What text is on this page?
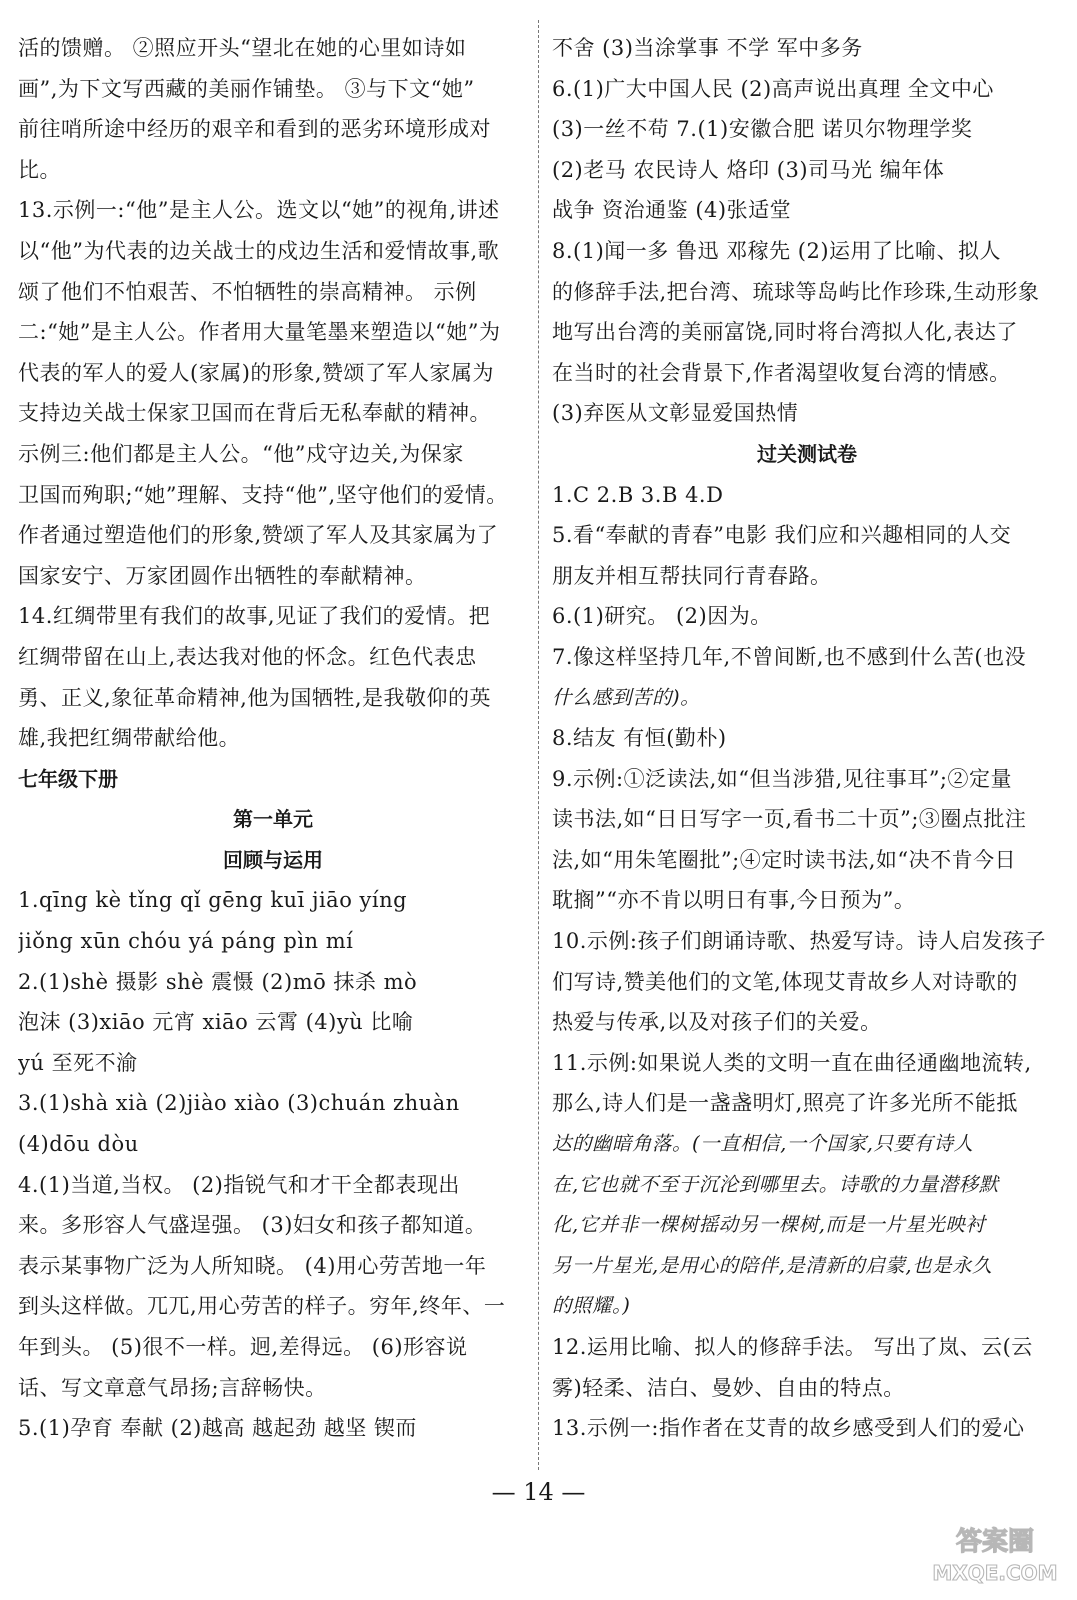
活的馈赠。 ②照应开头“望北在她的心里如诗如
画”,为下文写西藏的美丽作铺垫。 ③与下文“她”
前往哨所途中经历的艰辛和看到的恶劣环境形成对
比。
13.示例一:“他”是主人公。选文以“她”的视角,讲述
以“他”为代表的边关战士的戍边生活和爱情故事,歌
颂了他们不怕艰苦、不怕牺牲的崇高精神。 示例
二:“她”是主人公。作者用大量笔墨来塑造以“她”为
代表的军人的爱人(家属)的形象,赞颂了军人家属为
支持边关战士保家卫国而在背后无私奉献的精神。
示例三:他们都是主人公。“他”戍守边关,为保家
卫国而殉职;“她”理解、支持“他”,坚守他们的爱情。
作者通过塑造他们的形象,赞颂了军人及其家属为了
国家安宁、万家团圆作出牺牲的奉献精神。
14.红绸带里有我们的故事,见证了我们的爱情。把
红绸带留在山上,表达我对他的怀念。红色代表忠
勇、正义,象征革命精神,他为国牺牲,是我敬仰的英
雄,我把红绸带献给他。
七年级下册
第一单元
回顾与运用
1.qīng kè tǐng qǐ gēng kuī jiāo yíng
jiǒng xūn chóu yá páng pìn mí
2.(1)shè 摄影 shè 震慑 (2)mō 抹杀 mò
泡沫 (3)xiāo 元宵 xiāo 云霄 (4)yù 比喻
yú 至死不渝
3.(1)shà xià (2)jiào xiào (3)chuán zhuàn
(4)dōu dòu
4.(1)当道,当权。 (2)指锐气和才干全都表现出
来。多形容人气盛逞强。 (3)妇女和孩子都知道。
表示某事物广泛为人所知晓。 (4)用心劳苦地一年
到头这样做。兀兀,用心劳苦的样子。穷年,终年、一
年到头。 (5)很不一样。迥,差得远。 (6)形容说
话、写文章意气昂扬;言辞畅快。
5.(1)孕育 奉献 (2)越高 越起劲 越坚 锲而
不舍 (3)当涂掌事 不学 军中多务
6.(1)广大中国人民 (2)高声说出真理 全文中心
(3)一丝不苟 7.(1)安徽合肥 诺贝尔物理学奖
(2)老马 农民诗人 烙印 (3)司马光 编年体
战争 资治通鉴 (4)张适堂
8.(1)闻一多 鲁迅 邓稼先 (2)运用了比喻、拟人
的修辞手法,把台湾、琉球等岛屿比作珍珠,生动形象
地写出台湾的美丽富饶,同时将台湾拟人化,表达了
在当时的社会背景下,作者渴望收复台湾的情感。
(3)弃医从文彰显爱国热情
过关测试卷
1.C 2.B 3.B 4.D
5.看“奉献的青春”电影 我们应和兴趣相同的人交
朋友并相互帮扶同行青春路。
6.(1)研究。 (2)因为。
7.像这样坚持几年,不曾间断,也不感到什么苦(也没
什么感到苦的)。
8.结友 有恒(勤朴)
9.示例:①泛读法,如“但当涉猎,见往事耳”;②定量
读书法,如“日日写字一页,看书二十页”;③圈点批注
法,如“用朱笔圈批”;④定时读书法,如“决不肯今日
耽搁”“亦不肯以明日有事,今日预为”。
10.示例:孩子们朗诵诗歌、热爱写诗。诗人启发孩子
们写诗,赞美他们的文笔,体现艾青故乡人对诗歌的
热爱与传承,以及对孩子们的关爱。
11.示例:如果说人类的文明一直在曲径通幽地流转,
那么,诗人们是一盏盏明灯,照亮了许多光所不能抵
达的幽暗角落。(一直相信,一个国家,只要有诗人
在,它也就不至于沉沦到哪里去。诗歌的力量潜移默
化,它并非一棵树摇动另一棵树,而是一片星光映衬
另一片星光,是用心的陪伴,是清新的启蒙,也是永久
的照耀。)
12.运用比喻、拟人的修辞手法。 写出了岚、云(云
雾)轻柔、洁白、曼妙、自由的特点。
13.示例一:指作者在艾青的故乡感受到人们的爱心
— 14 —
答案圈
MXQE.COM
